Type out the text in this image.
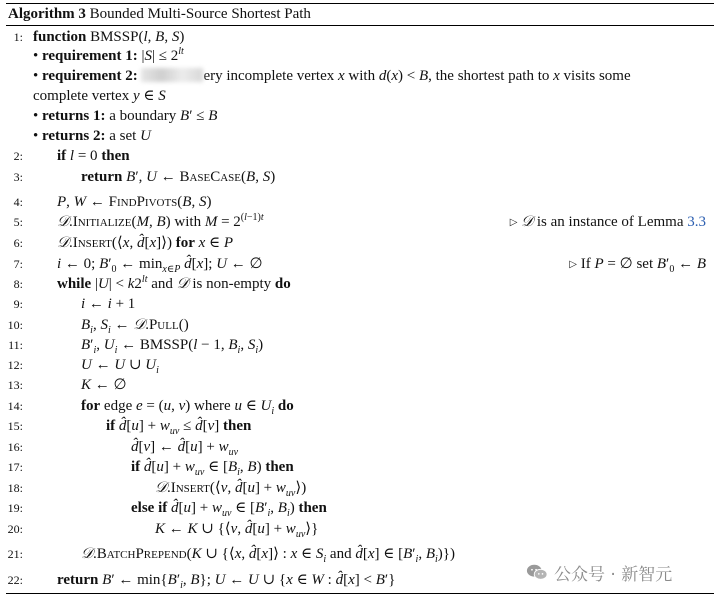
Algorithm 3 Bounded Multi-Source Shortest Path
1: function BMSSP(l, B, S)
• requirement 1: $|S| \le 2^{lt}$
• requirement 2:	ery incomplete vertex x with d(x) < B, the shortest path to x visits some
complete vertex y ∈ S
• returns 1: a boundary B′ ≤ B
• returns 2: a set U
2: if l = 0 then
3:	return B′, U ← BaseCase(B, S)
4: P, W ← FindPivots(B, S)
5: 𝒟.Initialize(M, B) with $M = 2^{(l-1)t}$	▷ 𝒟 is an instance of Lemma 3.3
6: 𝒟.Insert(⟨x, d̂[x]⟩) for x ∈ P
7: i ← 0; $B'_0$ ← $\min_{x\in P}$ d̂[x]; U ← ∅	▷ If P = ∅ set $B'_0$ ← B
8: while $|U| < k2^{lt}$ and 𝒟 is non-empty do
9:	i ← i + 1
10:	$B_i$, $S_i$ ← 𝒟.Pull()
11:	$B'_i$, $U_i$ ← BMSSP(l − 1, $B_i$, $S_i$)
12:	U ← U ∪ $U_i$
13:	K ← ∅
14:	for edge e = (u, v) where u ∈ $U_i$ do
15:	if d̂[u] + $w_{uv}$ ≤ d̂[v] then
16:	d̂[v] ← d̂[u] + $w_{uv}$
17:	if d̂[u] + $w_{uv}$ ∈ [$B_i$, B) then
18:	𝒟.Insert(⟨v, d̂[u] + $w_{uv}⟩$)
19:	else if d̂[u] + $w_{uv}$ ∈ [$B'_i$, $B_i$) then
20:	K ← K ∪ {⟨v, d̂[u] + $w_{uv}⟩$}
21:	𝒟.BatchPrepend(K ∪ {⟨x, d̂[x]⟩ : x ∈ $S_i$ and d̂[x] ∈ [$B'_i$, $B_i$)})
22: return B′ ← $\min\{B'_i$, B}; U ← U ∪ {x ∈ W : d̂[x] < B′}	公众号 · 新智元
